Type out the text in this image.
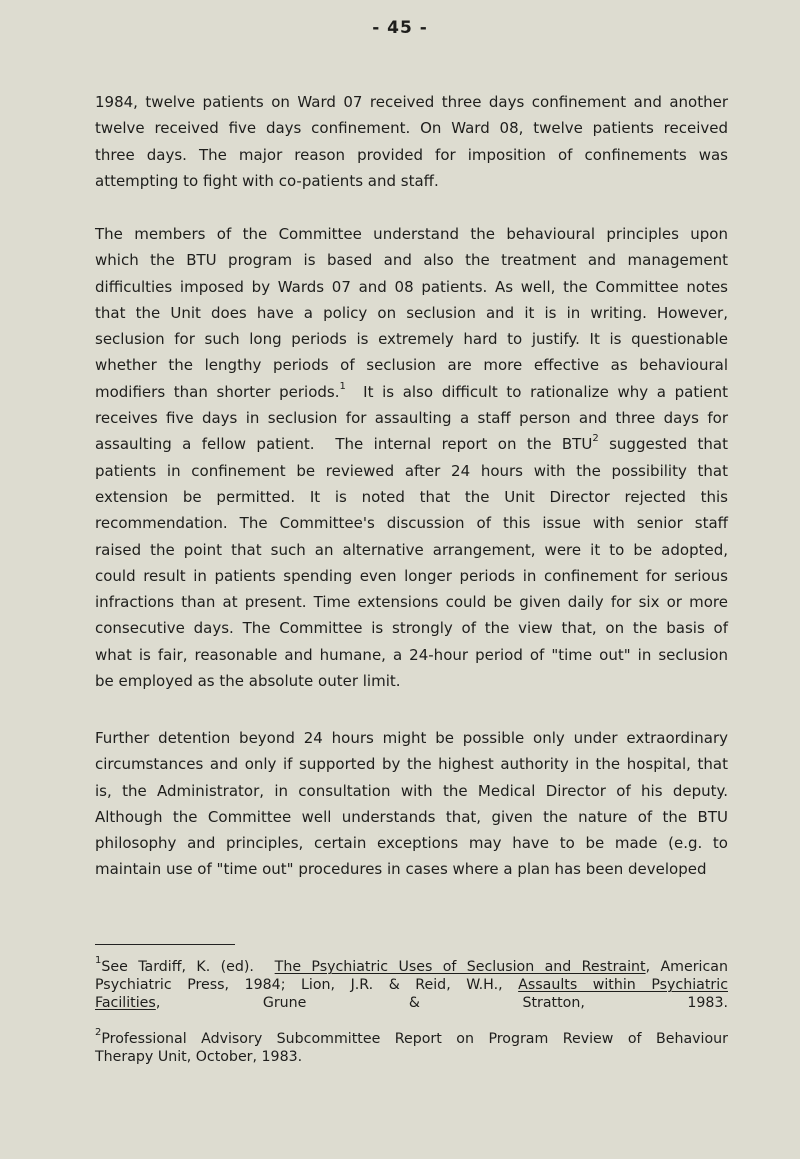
- 45 -
1984, twelve patients on Ward 07 received three days confinement and another
twelve received five days confinement. On Ward 08, twelve patients received
three days. The major reason provided for imposition of confinements was
attempting to fight with co-patients and staff.
The members of the Committee understand the behavioural principles upon
which the BTU program is based and also the treatment and management
difficulties imposed by Wards 07 and 08 patients. As well, the Committee notes
that the Unit does have a policy on seclusion and it is in writing. However,
seclusion for such long periods is extremely hard to justify. It is questionable
whether the lengthy periods of seclusion are more effective as behavioural
modifiers than shorter periods.$^1$  It is also difficult to rationalize why a patient
receives five days in seclusion for assaulting a staff person and three days for
assaulting a fellow patient.  The internal report on the BTU$^2$ suggested that
patients in confinement be reviewed after 24 hours with the possibility that
extension be permitted. It is noted that the Unit Director rejected this
recommendation. The Committee's discussion of this issue with senior staff
raised the point that such an alternative arrangement, were it to be adopted,
could result in patients spending even longer periods in confinement for serious
infractions than at present. Time extensions could be given daily for six or more
consecutive days. The Committee is strongly of the view that, on the basis of
what is fair, reasonable and humane, a 24-hour period of "time out" in seclusion
be employed as the absolute outer limit.
Further detention beyond 24 hours might be possible only under extraordinary
circumstances and only if supported by the highest authority in the hospital, that
is, the Administrator, in consultation with the Medical Director of his deputy.
Although the Committee well understands that, given the nature of the BTU
philosophy and principles, certain exceptions may have to be made (e.g. to
maintain use of "time out" procedures in cases where a plan has been developed
$^1$See Tardiff, K. (ed).  The Psychiatric Uses of Seclusion and Restraint, American
Psychiatric Press, 1984; Lion, J.R. & Reid, W.H., Assaults within Psychiatric
Facilities, Grune & Stratton, 1983.
$^2$Professional Advisory Subcommittee Report on Program Review of Behaviour
Therapy Unit, October, 1983.
